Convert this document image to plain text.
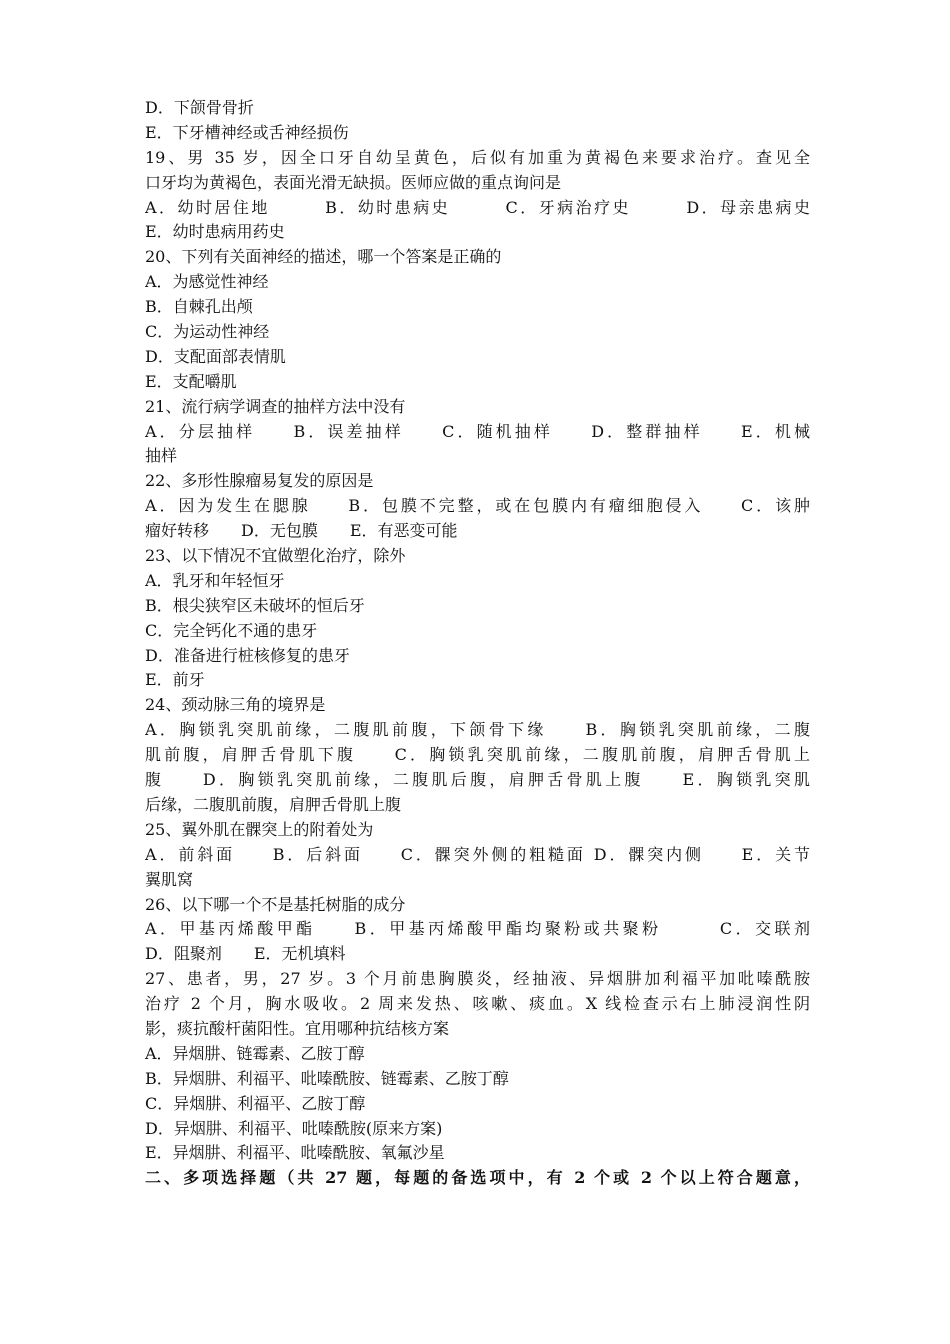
D．下颌骨骨折
E．下牙槽神经或舌神经损伤
19、男 35 岁，因全口牙自幼呈黄色，后似有加重为黄褐色来要求治疗。查见全
口牙均为黄褐色，表面光滑无缺损。医师应做的重点询问是
A．幼时居住地　　　B．幼时患病史　　　C．牙病治疗史　　　D．母亲患病史
E．幼时患病用药史
20、下列有关面神经的描述，哪一个答案是正确的
A．为感觉性神经
B．自棘孔出颅
C．为运动性神经
D．支配面部表情肌
E．支配嚼肌
21、流行病学调查的抽样方法中没有
A．分层抽样　　B．误差抽样　　C．随机抽样　　D．整群抽样　　E．机械
抽样
22、多形性腺瘤易复发的原因是
A．因为发生在腮腺　　B．包膜不完整，或在包膜内有瘤细胞侵入　　C．该肿
瘤好转移　　D．无包膜　　E．有恶变可能
23、以下情况不宜做塑化治疗，除外
A．乳牙和年轻恒牙
B．根尖狭窄区未破坏的恒后牙
C．完全钙化不通的患牙
D．准备进行桩核修复的患牙
E．前牙
24、颈动脉三角的境界是
A．胸锁乳突肌前缘，二腹肌前腹，下颌骨下缘　　B．胸锁乳突肌前缘，二腹
肌前腹，肩胛舌骨肌下腹　　C．胸锁乳突肌前缘，二腹肌前腹，肩胛舌骨肌上
腹　　D．胸锁乳突肌前缘，二腹肌后腹，肩胛舌骨肌上腹　　E．胸锁乳突肌
后缘，二腹肌前腹，肩胛舌骨肌上腹
25、翼外肌在髁突上的附着处为
A．前斜面　　B．后斜面　　C．髁突外侧的粗糙面 D．髁突内侧　　E．关节
翼肌窝
26、以下哪一个不是基托树脂的成分
A．甲基丙烯酸甲酯　　B．甲基丙烯酸甲酯均聚粉或共聚粉　　　C．交联剂
D．阻聚剂　　E．无机填料
27、患者，男，27 岁。3 个月前患胸膜炎，经抽液、异烟肼加利福平加吡嗪酰胺
治疗 2 个月，胸水吸收。2 周来发热、咳嗽、痰血。X 线检查示右上肺浸润性阴
影，痰抗酸杆菌阳性。宜用哪种抗结核方案
A．异烟肼、链霉素、乙胺丁醇
B．异烟肼、利福平、吡嗪酰胺、链霉素、乙胺丁醇
C．异烟肼、利福平、乙胺丁醇
D．异烟肼、利福平、吡嗪酰胺(原来方案)
E．异烟肼、利福平、吡嗪酰胺、氧氟沙星
二、多项选择题（共 27 题，每题的备选项中，有 2 个或 2 个以上符合题意，
